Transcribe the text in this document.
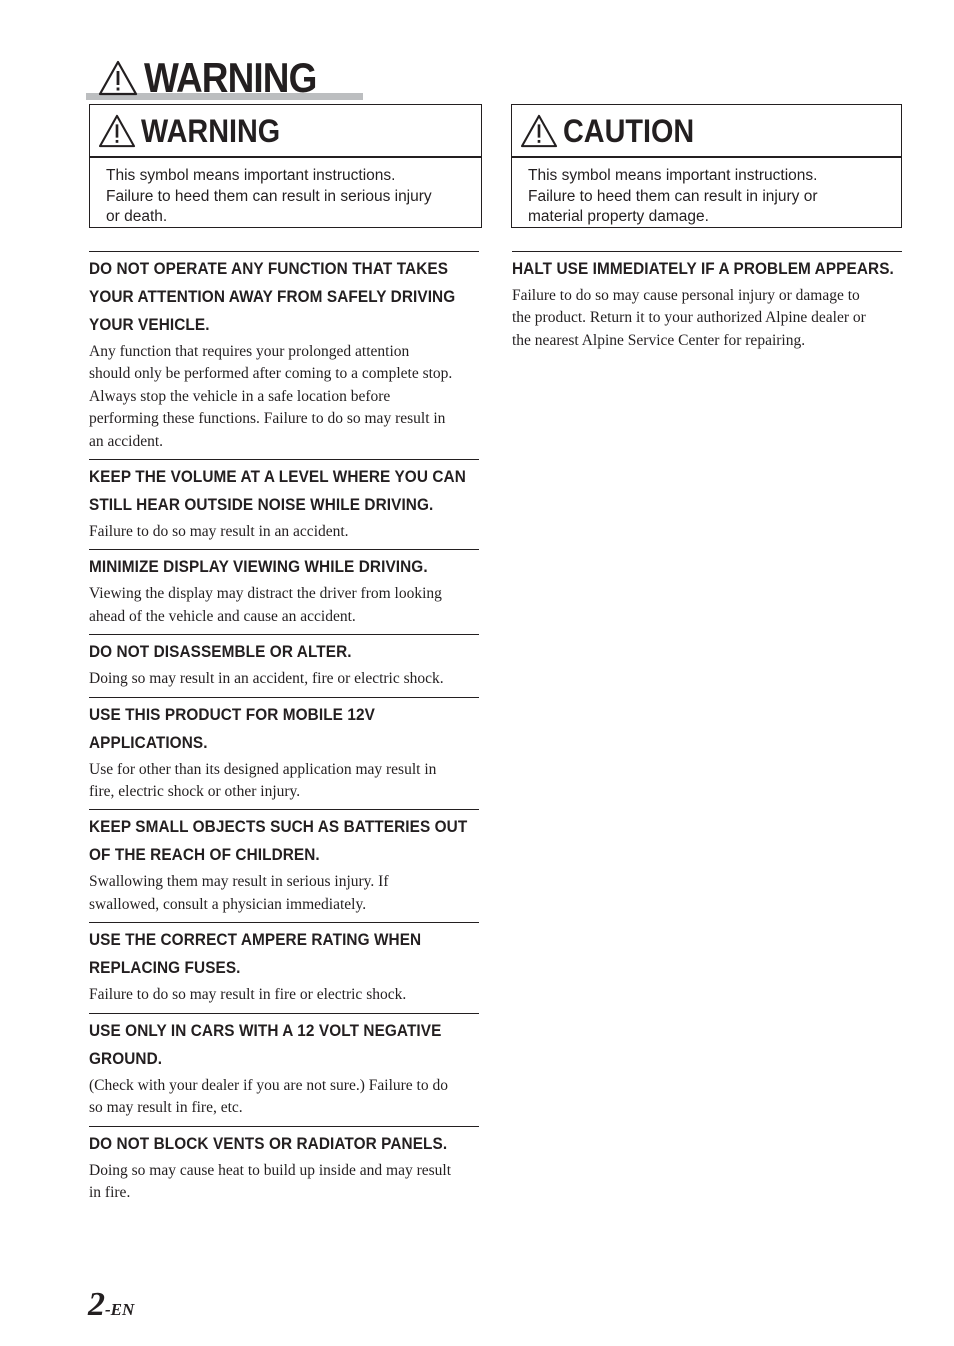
WARNING
WARNING
This symbol means important instructions.
Failure to heed them can result in serious injury
or death.
CAUTION
This symbol means important instructions.
Failure to heed them can result in injury or
material property damage.
DO NOT OPERATE ANY FUNCTION THAT TAKES
YOUR ATTENTION AWAY FROM SAFELY DRIVING
YOUR VEHICLE.
Any function that requires your prolonged attention
should only be performed after coming to a complete stop.
Always stop the vehicle in a safe location before
performing these functions. Failure to do so may result in
an accident.
KEEP THE VOLUME AT A LEVEL WHERE YOU CAN
STILL HEAR OUTSIDE NOISE WHILE DRIVING.
Failure to do so may result in an accident.
MINIMIZE DISPLAY VIEWING WHILE DRIVING.
Viewing the display may distract the driver from looking
ahead of the vehicle and cause an accident.
DO NOT DISASSEMBLE OR ALTER.
Doing so may result in an accident, fire or electric shock.
USE THIS PRODUCT FOR MOBILE 12V
APPLICATIONS.
Use for other than its designed application may result in
fire, electric shock or other injury.
KEEP SMALL OBJECTS SUCH AS BATTERIES OUT
OF THE REACH OF CHILDREN.
Swallowing them may result in serious injury. If
swallowed, consult a physician immediately.
USE THE CORRECT AMPERE RATING WHEN
REPLACING FUSES.
Failure to do so may result in fire or electric shock.
USE ONLY IN CARS WITH A 12 VOLT NEGATIVE
GROUND.
(Check with your dealer if you are not sure.) Failure to do
so may result in fire, etc.
DO NOT BLOCK VENTS OR RADIATOR PANELS.
Doing so may cause heat to build up inside and may result
in fire.
HALT USE IMMEDIATELY IF A PROBLEM APPEARS.
Failure to do so may cause personal injury or damage to
the product. Return it to your authorized Alpine dealer or
the nearest Alpine Service Center for repairing.
2-EN
